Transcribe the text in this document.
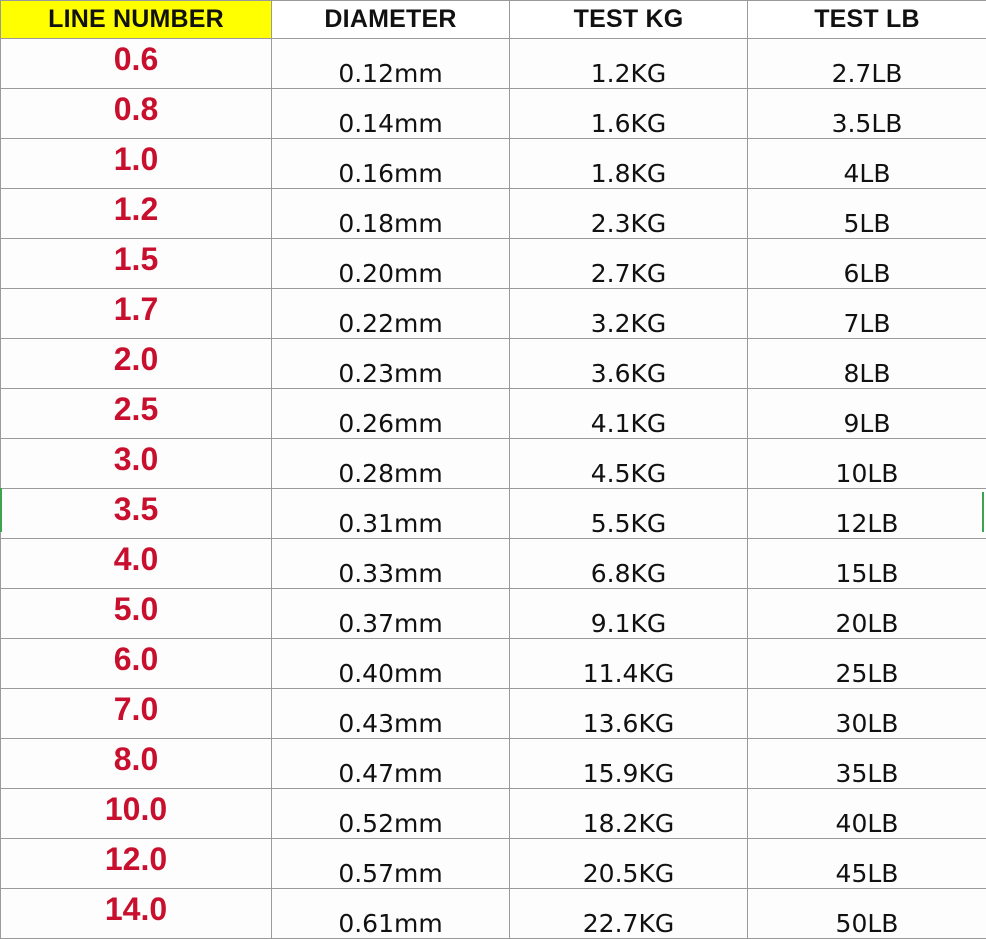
LINE NUMBER	DIAMETER	TEST KG	TEST LB
0.6	0.12mm	1.2KG	2.7LB
0.8	0.14mm	1.6KG	3.5LB
1.0	0.16mm	1.8KG	4LB
1.2	0.18mm	2.3KG	5LB
1.5	0.20mm	2.7KG	6LB
1.7	0.22mm	3.2KG	7LB
2.0	0.23mm	3.6KG	8LB
2.5	0.26mm	4.1KG	9LB
3.0	0.28mm	4.5KG	10LB
3.5	0.31mm	5.5KG	12LB
4.0	0.33mm	6.8KG	15LB
5.0	0.37mm	9.1KG	20LB
6.0	0.40mm	11.4KG	25LB
7.0	0.43mm	13.6KG	30LB
8.0	0.47mm	15.9KG	35LB
10.0	0.52mm	18.2KG	40LB
12.0	0.57mm	20.5KG	45LB
14.0	0.61mm	22.7KG	50LB
